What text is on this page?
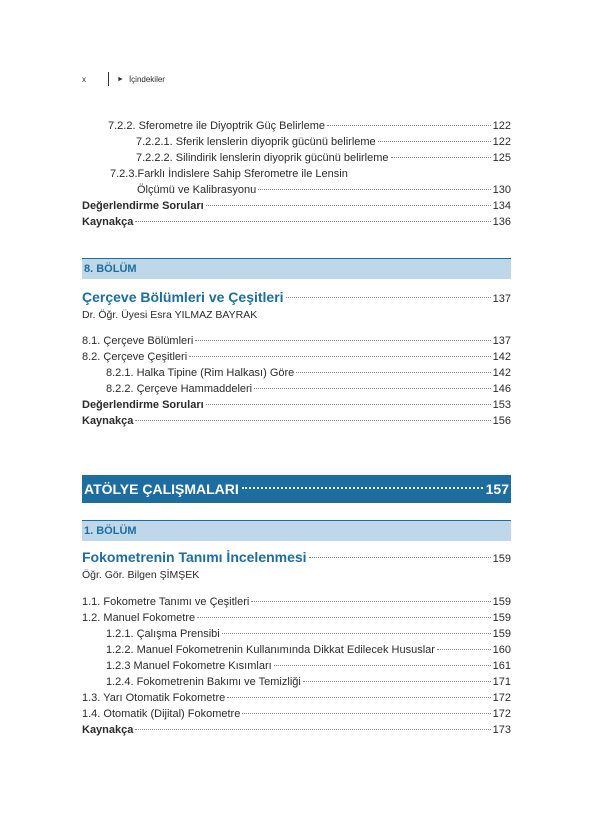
x	► İçindekiler
7.2.2. Sferometre ile Diyoptrik Güç Belirleme	122
7.2.2.1. Sferik lenslerin diyoprik gücünü belirleme	122
7.2.2.2. Silindirik lenslerin diyoprik gücünü belirleme	125
7.2.3.Farklı İndislere Sahip Sferometre ile Lensin
Ölçümü ve Kalibrasyonu	130
Değerlendirme Soruları	134
Kaynakça	136
8. BÖLÜM
Çerçeve Bölümleri ve Çeşitleri	137
Dr. Öğr. Üyesi Esra YILMAZ BAYRAK
8.1. Çerçeve Bölümleri	137
8.2. Çerçeve Çeşitleri	142
8.2.1. Halka Tipine (Rim Halkası) Göre	142
8.2.2. Çerçeve Hammaddeleri	146
Değerlendirme Soruları	153
Kaynakça	156
ATÖLYE ÇALIŞMALARI	157
1. BÖLÜM
Fokometrenin Tanımı İncelenmesi	159
Öğr. Gör. Bilgen ŞİMŞEK
1.1. Fokometre Tanımı ve Çeşitleri	159
1.2. Manuel Fokometre	159
1.2.1. Çalışma Prensibi	159
1.2.2. Manuel Fokometrenin Kullanımında Dikkat Edilecek Hususlar	160
1.2.3 Manuel Fokometre Kısımları	161
1.2.4. Fokometrenin Bakımı ve Temizliği	171
1.3. Yarı Otomatik Fokometre	172
1.4. Otomatik (Dijital) Fokometre	172
Kaynakça	173
